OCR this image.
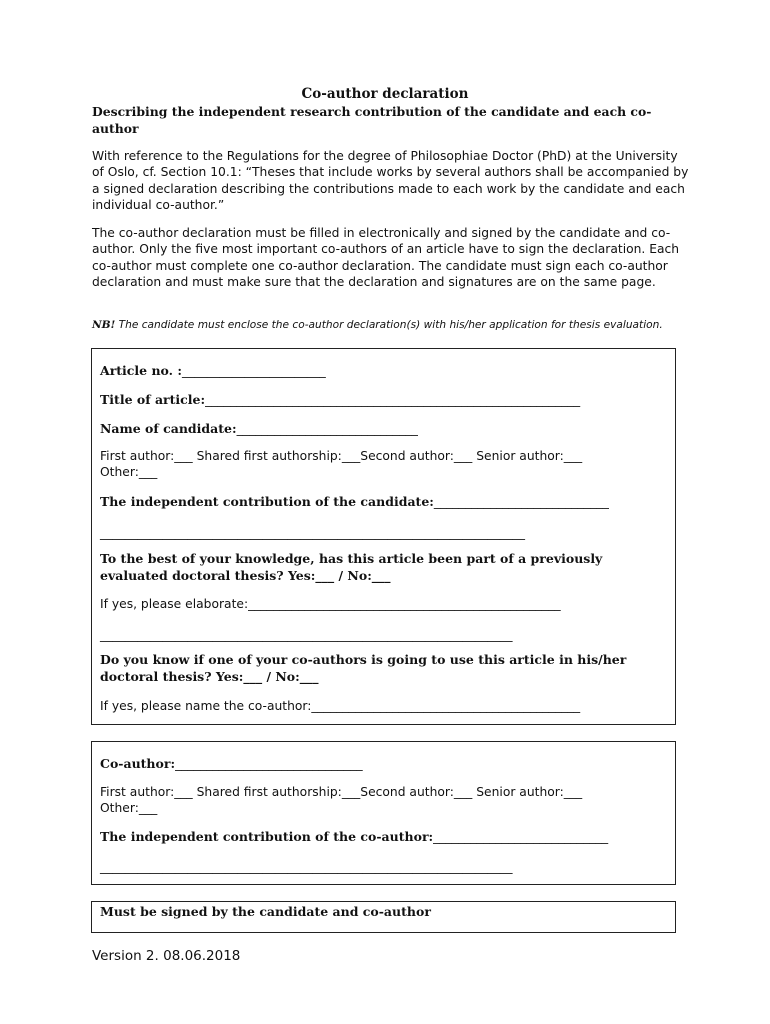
Co-author declaration
Describing the independent research contribution of the candidate and each co-author
With reference to the Regulations for the degree of Philosophiae Doctor (PhD) at the University of Oslo, cf. Section 10.1: “Theses that include works by several authors shall be accompanied by a signed declaration describing the contributions made to each work by the candidate and each individual co-author.”
The co-author declaration must be filled in electronically and signed by the candidate and co-author. Only the five most important co-authors of an article have to sign the declaration. Each co-author must complete one co-author declaration. The candidate must sign each co-author declaration and must make sure that the declaration and signatures are on the same page.
NB! The candidate must enclose the co-author declaration(s) with his/her application for thesis evaluation.
Article no. :_______________________
Title of article:____________________________________________________________
Name of candidate:_____________________________
First author:___ Shared first authorship:___Second author:___ Senior author:___
Other:___
The independent contribution of the candidate:____________________________
____________________________________________________________________
To the best of your knowledge, has this article been part of a previously
evaluated doctoral thesis? Yes:___ / No:___
If yes, please elaborate:__________________________________________________
__________________________________________________________________
Do you know if one of your co-authors is going to use this article in his/her
doctoral thesis? Yes:___ / No:___
If yes, please name the co-author:___________________________________________
Co-author:______________________________
First author:___ Shared first authorship:___Second author:___ Senior author:___
Other:___
The independent contribution of the co-author:____________________________
__________________________________________________________________
Must be signed by the candidate and co-author
Version 2. 08.06.2018
